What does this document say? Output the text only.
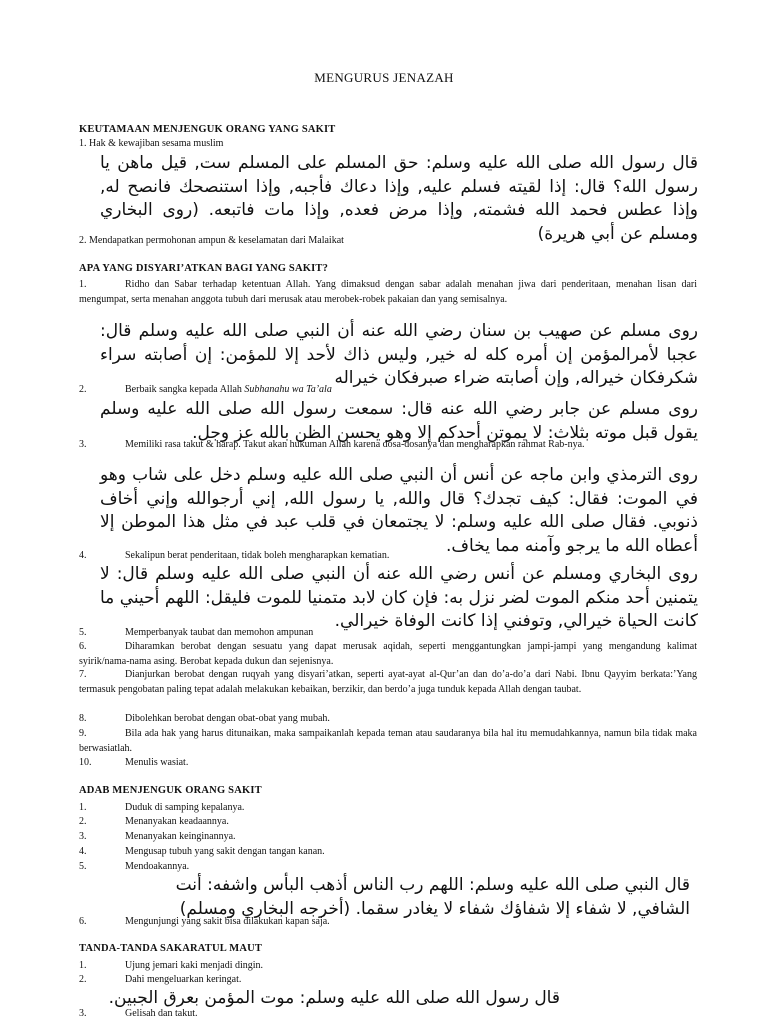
MENGURUS JENAZAH
KEUTAMAAN MENJENGUK ORANG YANG SAKIT
1. Hak & kewajiban sesama muslim
قال رسول الله صلى الله عليه وسلم: حق المسلم على المسلم ست, قيل ماهن يا رسول الله؟ قال: إذا لقيته فسلم عليه, وإذا دعاك فأجبه, وإذا استنصحك فانصح له, وإذا عطس فحمد الله فشمته, وإذا مرض فعده, وإذا مات فاتبعه. (روى البخاري ومسلم عن أبي هريرة)
2. Mendapatkan permohonan ampun & keselamatan dari Malaikat
APA YANG DISYARI’ATKAN BAGI YANG SAKIT?
1.	Ridho dan Sabar terhadap ketentuan Allah. Yang dimaksud dengan sabar adalah menahan jiwa dari penderitaan, menahan lisan dari mengumpat, serta menahan anggota tubuh dari merusak atau merobek-robek pakaian dan yang semisalnya.
روى مسلم عن صهيب بن سنان رضي الله عنه أن النبي صلى الله عليه وسلم قال: عجبا لأمرالمؤمن إن أمره كله له خير, وليس ذاك لأحد إلا للمؤمن: إن أصابته سراء شكرفكان خيراله, وإن أصابته ضراء صبرفكان خيراله
2.	Berbaik sangka kepada Allah Subhanahu wa Ta’ala
روى مسلم عن جابر رضي الله عنه قال: سمعت رسول الله صلى الله عليه وسلم يقول قبل موته بثلاث: لا يموتن أحدكم إلا وهو يحسن الظن بالله عز وجل.
3.	Memiliki rasa takut & harap. Takut akan hukuman Allah karena dosa-dosanya dan mengharapkan rahmat Rab-nya.
روى الترمذي وابن ماجه عن أنس أن النبي صلى الله عليه وسلم دخل على شاب وهو في الموت: فقال: كيف تجدك؟ قال والله, يا رسول الله, إني أرجوالله وإني أخاف ذنوبي. فقال صلى الله عليه وسلم: لا يجتمعان في قلب عبد في مثل هذا الموطن إلا أعطاه الله ما يرجو وآمنه مما يخاف.
4.	Sekalipun berat penderitaan, tidak boleh mengharapkan kematian.
روى البخاري ومسلم عن أنس رضي الله عنه أن النبي صلى الله عليه وسلم قال: لا يتمنين أحد منكم الموت لضر نزل به: فإن كان لابد متمنيا للموت فليقل: اللهم أحيني ما كانت الحياة خيرالي, وتوفني إذا كانت الوفاة خيرالي.
5.	Memperbanyak taubat dan memohon ampunan
6.	Diharamkan berobat dengan sesuatu yang dapat merusak aqidah, seperti menggantungkan jampi-jampi yang mengandung kalimat syirik/nama-nama asing. Berobat kepada dukun dan sejenisnya.
7.	Dianjurkan berobat dengan ruqyah yang disyari’atkan, seperti ayat-ayat al-Qur’an dan do’a-do’a dari Nabi. Ibnu Qayyim berkata:’Yang termasuk pengobatan paling tepat adalah melakukan kebaikan, berzikir, dan berdo’a juga tunduk kepada Allah dengan taubat.
8.	Dibolehkan berobat dengan obat-obat yang mubah.
9.	Bila ada hak yang harus ditunaikan, maka sampaikanlah kepada teman atau saudaranya bila hal itu memudahkannya, namun bila tidak maka berwasiatlah.
10.	Menulis wasiat.
ADAB MENJENGUK ORANG SAKIT
1.	Duduk di samping kepalanya.
2.	Menanyakan keadaannya.
3.	Menanyakan keinginannya.
4.	Mengusap tubuh yang sakit dengan tangan kanan.
5.	Mendoakannya.
قال النبي صلى الله عليه وسلم: اللهم رب الناس أذهب البأس واشفه: أنت الشافي, لا شفاء إلا شفاؤك شفاء لا يغادر سقما. (أخرجه البخاري ومسلم)
6.	Mengunjungi yang sakit bisa dilakukan kapan saja.
TANDA-TANDA SAKARATUL MAUT
1.	Ujung jemari kaki menjadi dingin.
2.	Dahi mengeluarkan keringat.
قال رسول الله صلى الله عليه وسلم: موت المؤمن بعرق الجبين.
3.	Gelisah dan takut.
